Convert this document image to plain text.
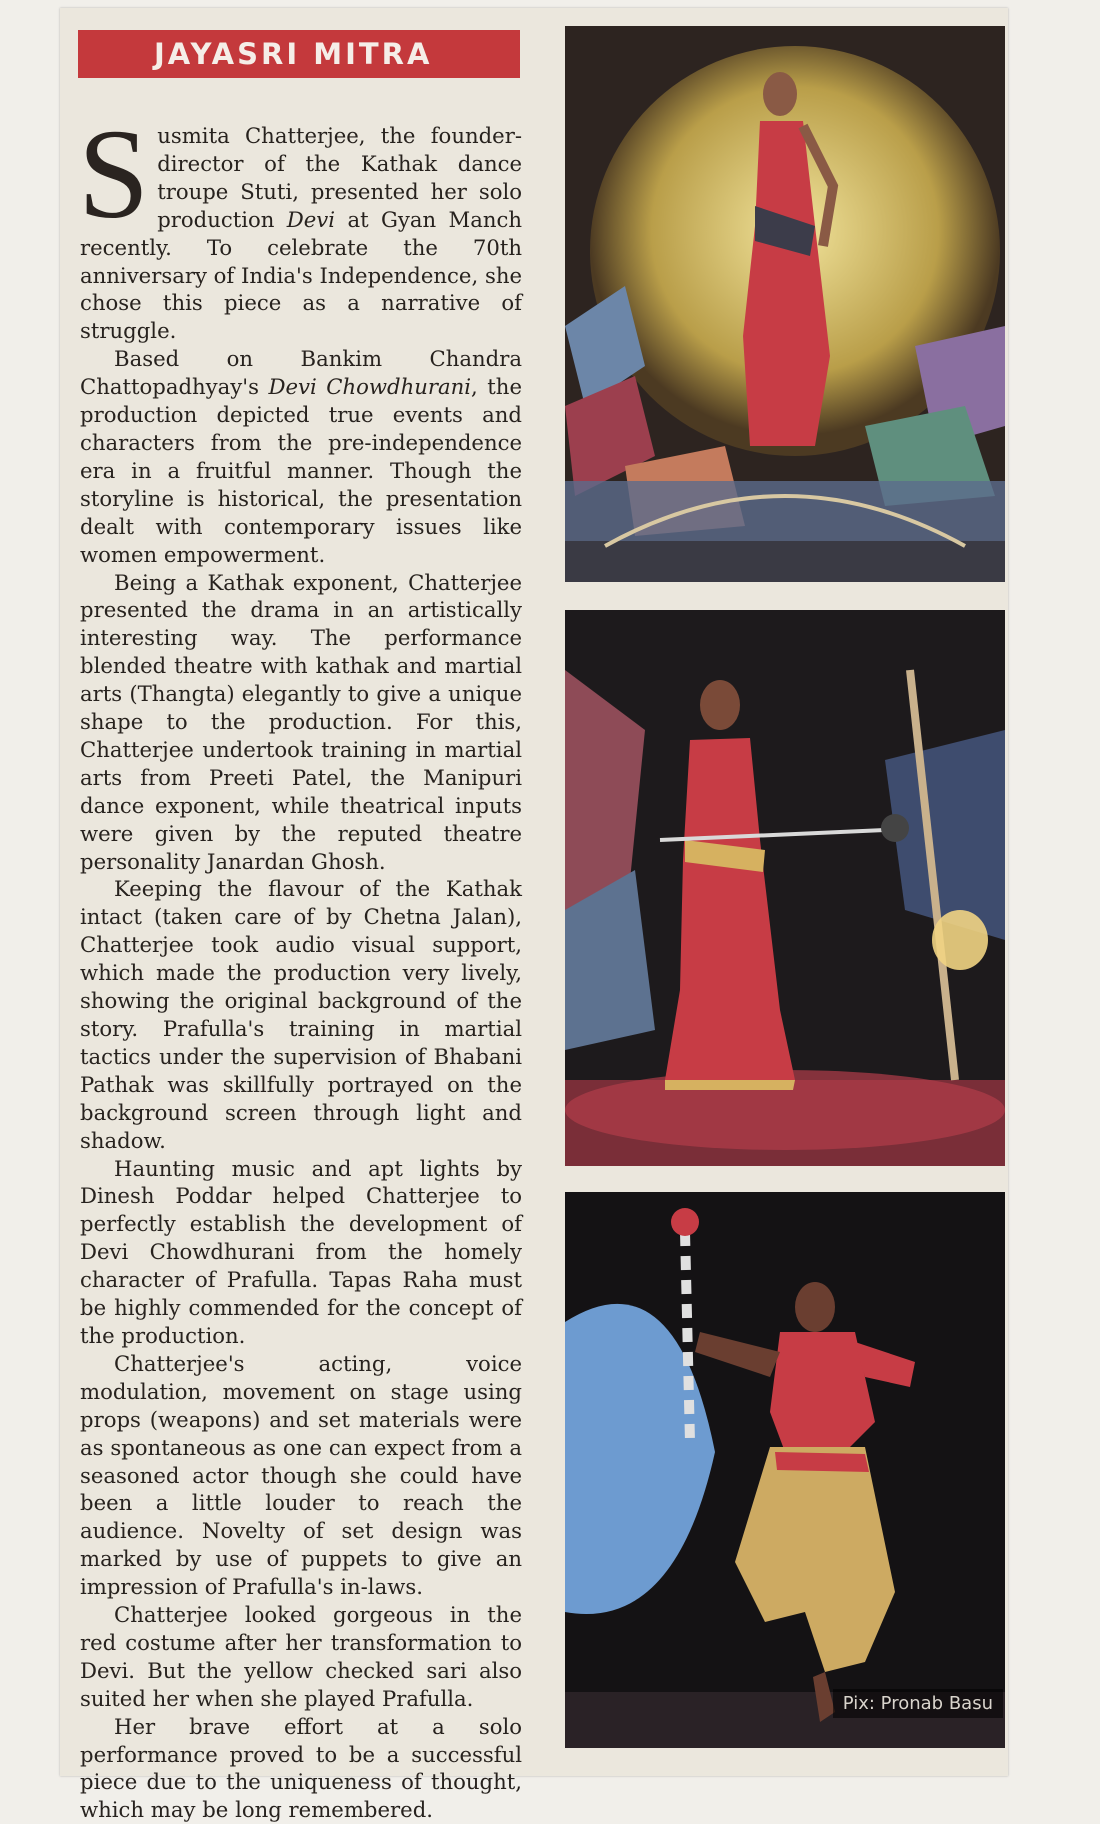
JAYASRI MITRA

Susmita Chatterjee, the founder-director of the Kathak dance troupe Stuti, presented her solo production Devi at Gyan Manch recently. To celebrate the 70th anniversary of India's Independence, she chose this piece as a narrative of struggle.

Based on Bankim Chandra Chattopadhyay's Devi Chowdhurani, the production depicted true events and characters from the pre-independence era in a fruitful manner. Though the storyline is historical, the presentation dealt with contemporary issues like women empowerment.

Being a Kathak exponent, Chatterjee presented the drama in an artistically interesting way. The performance blended theatre with kathak and martial arts (Thangta) elegantly to give a unique shape to the production. For this, Chatterjee undertook training in martial arts from Preeti Patel, the Manipuri dance exponent, while theatrical inputs were given by the reputed theatre personality Janardan Ghosh.

Keeping the flavour of the Kathak intact (taken care of by Chetna Jalan), Chatterjee took audio visual support, which made the production very lively, showing the original background of the story. Prafulla's training in martial tactics under the supervision of Bhabani Pathak was skillfully portrayed on the background screen through light and shadow.

Haunting music and apt lights by Dinesh Poddar helped Chatterjee to perfectly establish the development of Devi Chowdhurani from the homely character of Prafulla. Tapas Raha must be highly commended for the concept of the production.

Chatterjee's acting, voice modulation, movement on stage using props (weapons) and set materials were as spontaneous as one can expect from a seasoned actor though she could have been a little louder to reach the audience. Novelty of set design was marked by use of puppets to give an impression of Prafulla's in-laws.

Chatterjee looked gorgeous in the red costume after her transformation to Devi. But the yellow checked sari also suited her when she played Prafulla.

Her brave effort at a solo performance proved to be a successful piece due to the uniqueness of thought, which may be long remembered.

Pix: Pronab Basu
